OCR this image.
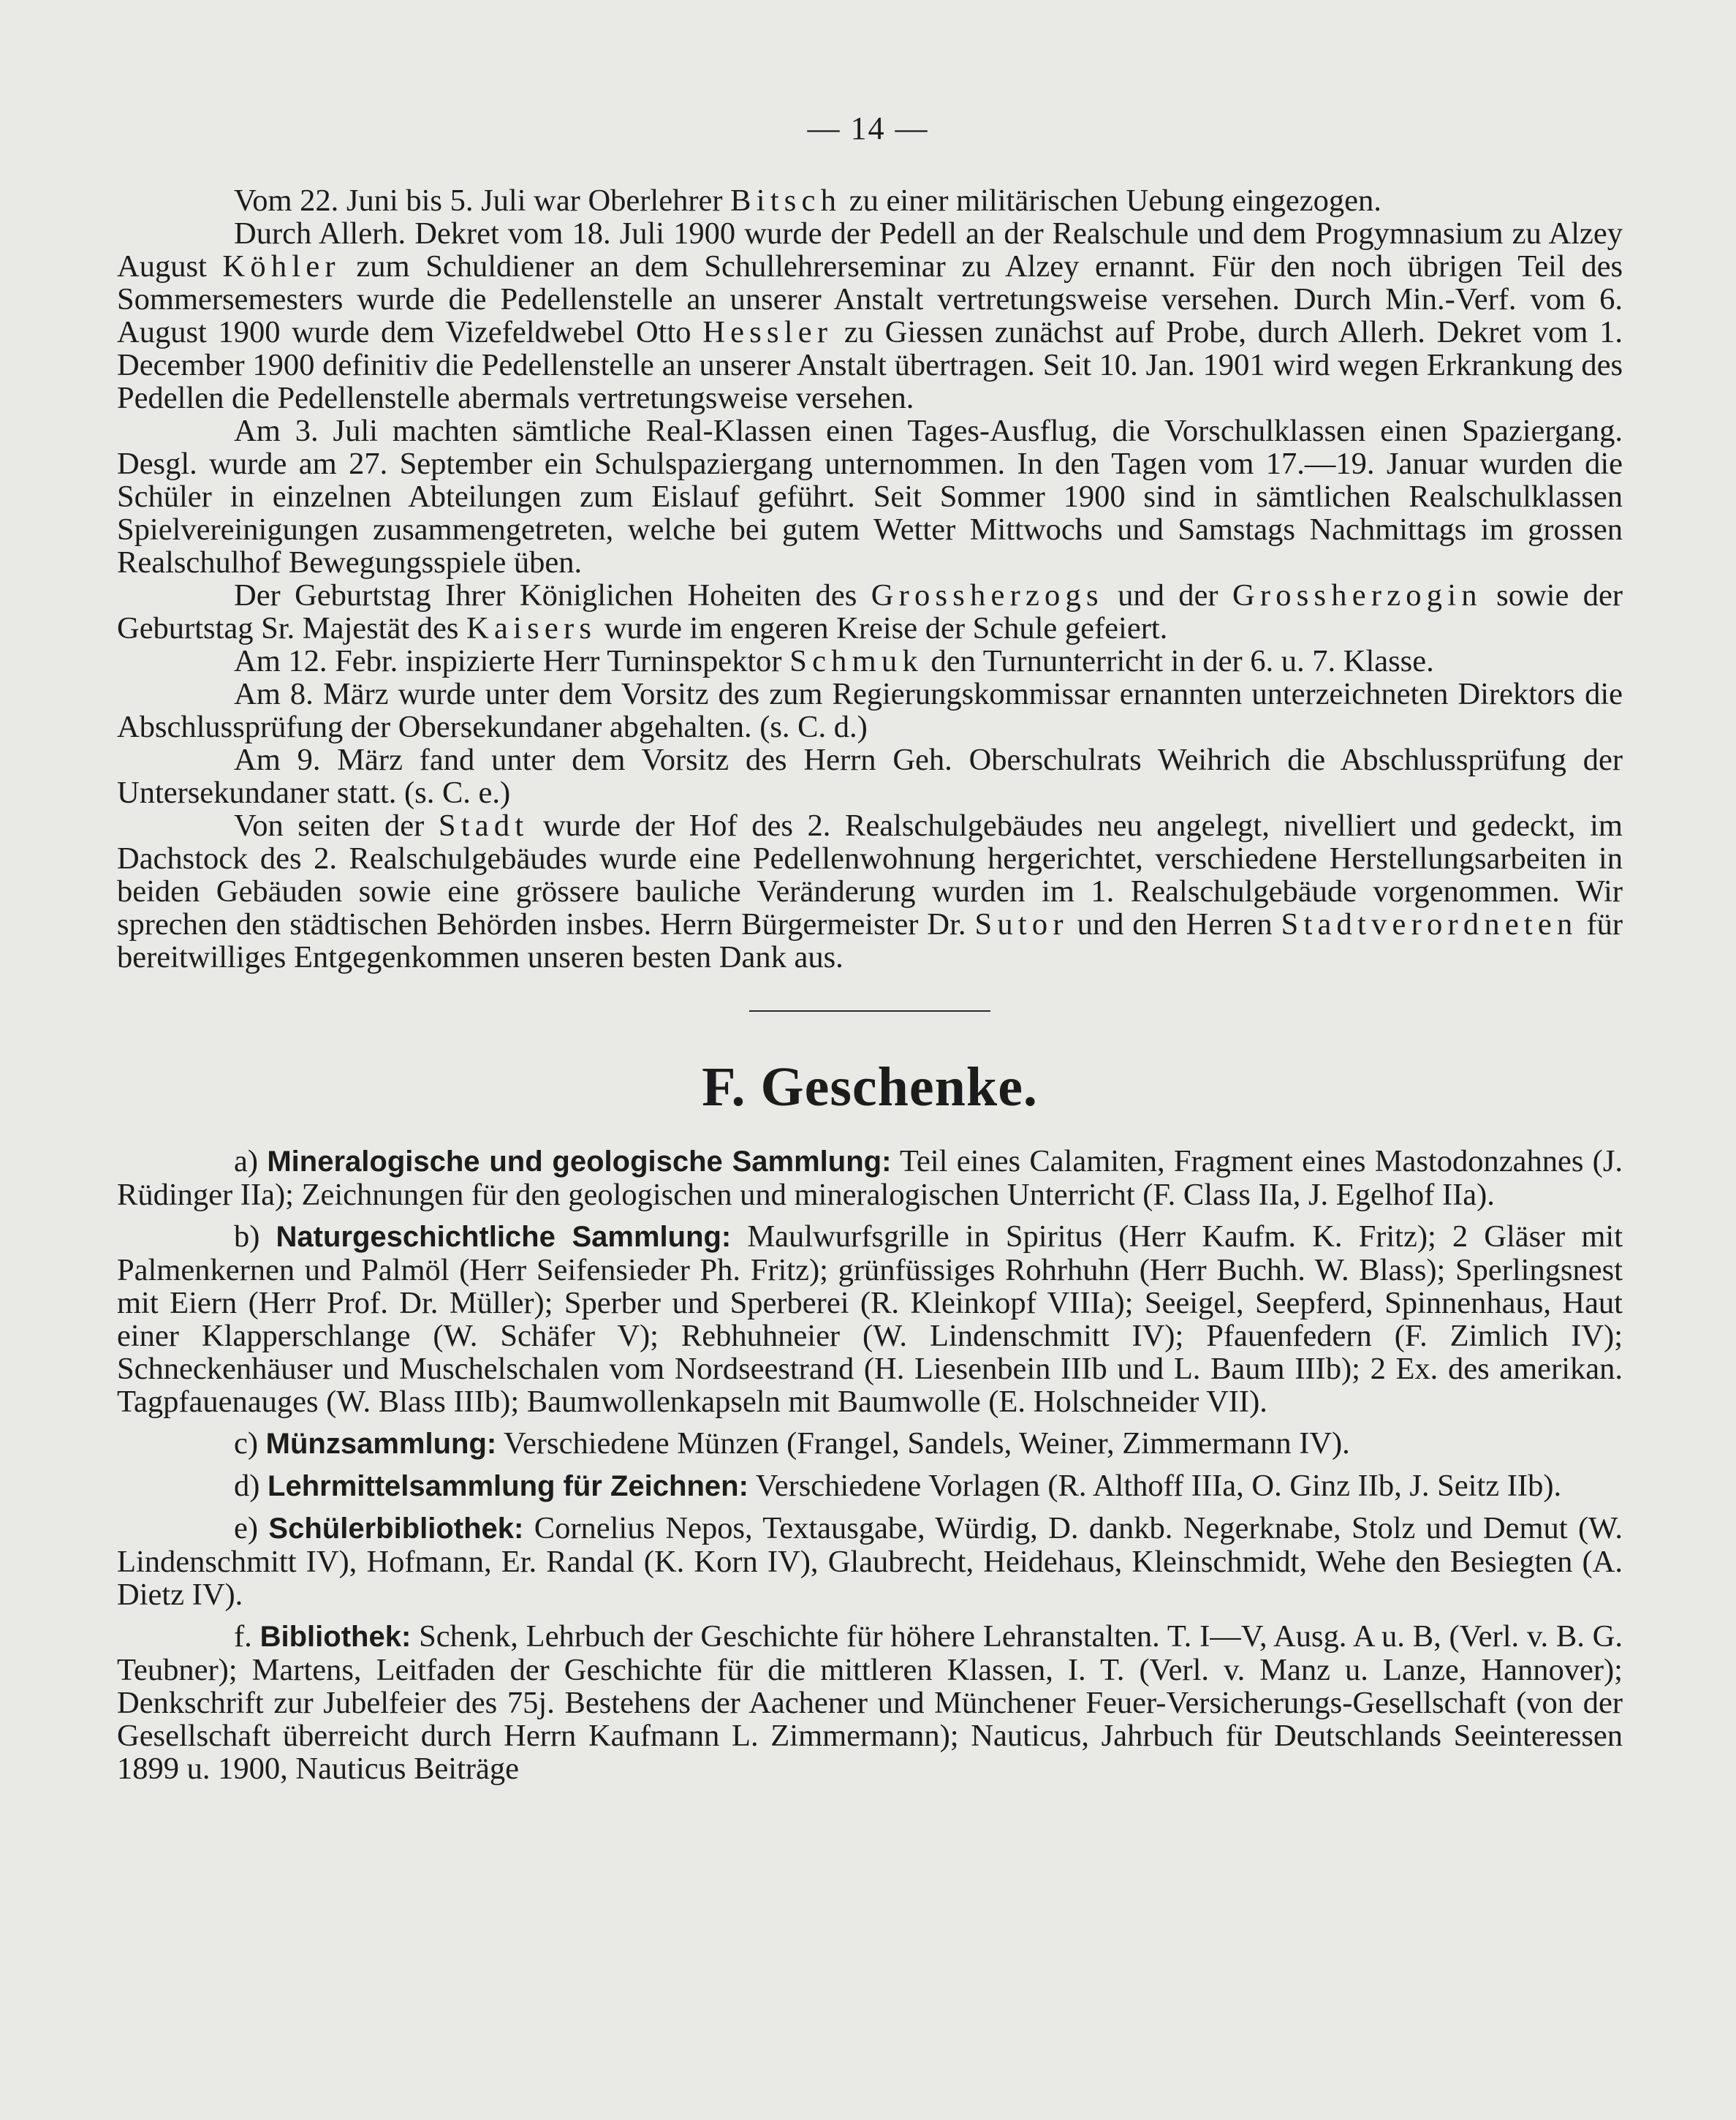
— 14 —

Vom 22. Juni bis 5. Juli war Oberlehrer Bitsch zu einer militärischen Uebung eingezogen.

Durch Allerh. Dekret vom 18. Juli 1900 wurde der Pedell an der Realschule und dem Progymnasium zu Alzey August Köhler zum Schuldiener an dem Schullehrerseminar zu Alzey ernannt. Für den noch übrigen Teil des Sommersemesters wurde die Pedellenstelle an unserer Anstalt vertretungsweise versehen. Durch Min.-Verf. vom 6. August 1900 wurde dem Vizefeldwebel Otto Hessler zu Giessen zunächst auf Probe, durch Allerh. Dekret vom 1. December 1900 definitiv die Pedellenstelle an unserer Anstalt übertragen. Seit 10. Jan. 1901 wird wegen Erkrankung des Pedellen die Pedellenstelle abermals vertretungsweise versehen.

Am 3. Juli machten sämtliche Real-Klassen einen Tages-Ausflug, die Vorschulklassen einen Spaziergang. Desgl. wurde am 27. September ein Schulspaziergang unternommen. In den Tagen vom 17.—19. Januar wurden die Schüler in einzelnen Abteilungen zum Eislauf geführt. Seit Sommer 1900 sind in sämtlichen Realschulklassen Spielvereinigungen zusammengetreten, welche bei gutem Wetter Mittwochs und Samstags Nachmittags im grossen Realschulhof Bewegungsspiele üben.

Der Geburtstag Ihrer Königlichen Hoheiten des Grossherzogs und der Grossherzogin sowie der Geburtstag Sr. Majestät des Kaisers wurde im engeren Kreise der Schule gefeiert.

Am 12. Febr. inspizierte Herr Turninspektor Schmuk den Turnunterricht in der 6. u. 7. Klasse.

Am 8. März wurde unter dem Vorsitz des zum Regierungskommissar ernannten unterzeichneten Direktors die Abschlussprüfung der Obersekundaner abgehalten. (s. C. d.)

Am 9. März fand unter dem Vorsitz des Herrn Geh. Oberschulrats Weihrich die Abschlussprüfung der Untersekundaner statt. (s. C. e.)

Von seiten der Stadt wurde der Hof des 2. Realschulgebäudes neu angelegt, nivelliert und gedeckt, im Dachstock des 2. Realschulgebäudes wurde eine Pedellenwohnung hergerichtet, verschiedene Herstellungsarbeiten in beiden Gebäuden sowie eine grössere bauliche Veränderung wurden im 1. Realschulgebäude vorgenommen. Wir sprechen den städtischen Behörden insbes. Herrn Bürgermeister Dr. Sutor und den Herren Stadtverordneten für bereitwilliges Entgegenkommen unseren besten Dank aus.

F. Geschenke.

a) Mineralogische und geologische Sammlung: Teil eines Calamiten, Fragment eines Mastodonzahnes (J. Rüdinger IIa); Zeichnungen für den geologischen und mineralogischen Unterricht (F. Class IIa, J. Egelhof IIa).

b) Naturgeschichtliche Sammlung: Maulwurfsgrille in Spiritus (Herr Kaufm. K. Fritz); 2 Gläser mit Palmenkernen und Palmöl (Herr Seifensieder Ph. Fritz); grünfüssiges Rohrhuhn (Herr Buchh. W. Blass); Sperlingsnest mit Eiern (Herr Prof. Dr. Müller); Sperber und Sperberei (R. Kleinkopf VIIIa); Seeigel, Seepferd, Spinnenhaus, Haut einer Klapperschlange (W. Schäfer V); Rebhuhneier (W. Lindenschmitt IV); Pfauenfedern (F. Zimlich IV); Schneckenhäuser und Muschelschalen vom Nordseestrand (H. Liesenbein IIIb und L. Baum IIIb); 2 Ex. des amerikan. Tagpfauenauges (W. Blass IIIb); Baumwollenkapseln mit Baumwolle (E. Holschneider VII).

c) Münzsammlung: Verschiedene Münzen (Frangel, Sandels, Weiner, Zimmermann IV).

d) Lehrmittelsammlung für Zeichnen: Verschiedene Vorlagen (R. Althoff IIIa, O. Ginz IIb, J. Seitz IIb).

e) Schülerbibliothek: Cornelius Nepos, Textausgabe, Würdig, D. dankb. Negerknabe, Stolz und Demut (W. Lindenschmitt IV), Hofmann, Er. Randal (K. Korn IV), Glaubrecht, Heidehaus, Kleinschmidt, Wehe den Besiegten (A. Dietz IV).

f. Bibliothek: Schenk, Lehrbuch der Geschichte für höhere Lehranstalten. T. I—V, Ausg. A u. B, (Verl. v. B. G. Teubner); Martens, Leitfaden der Geschichte für die mittleren Klassen, I. T. (Verl. v. Manz u. Lanze, Hannover); Denkschrift zur Jubelfeier des 75j. Bestehens der Aachener und Münchener Feuer-Versicherungs-Gesellschaft (von der Gesellschaft überreicht durch Herrn Kaufmann L. Zimmermann); Nauticus, Jahrbuch für Deutschlands Seeinteressen 1899 u. 1900, Nauticus Beiträge
